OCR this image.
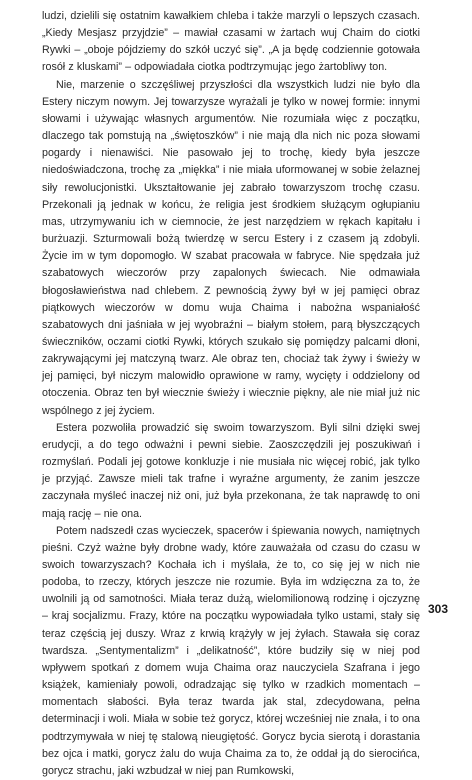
ludzi, dzielili się ostatnim kawałkiem chleba i także marzyli o lepszych czasach. „Kiedy Mesjasz przyjdzie” – mawiał czasami w żartach wuj Chaim do ciotki Rywki – „oboje pójdziemy do szkół uczyć się”. „A ja będę codziennie gotowała rosół z kluskami” – odpowiadała ciotka podtrzymując jego żartobliwy ton.

Nie, marzenie o szczęśliwej przyszłości dla wszystkich ludzi nie było dla Estery niczym nowym. Jej towarzysze wyrażali je tylko w nowej formie: innymi słowami i używając własnych argumentów. Nie rozumiała więc z początku, dlaczego tak pomstują na „świętoszków” i nie mają dla nich nic poza słowami pogardy i nienawiści. Nie pasowało jej to trochę, kiedy była jeszcze niedoświadczona, trochę za „miękka” i nie miała uformowanej w sobie żelaznej siły rewolucjonistki. Ukształtowanie jej zabrało towarzyszom trochę czasu. Przekonali ją jednak w końcu, że religia jest środkiem służącym ogłupianiu mas, utrzymywaniu ich w ciemnocie, że jest narzędziem w rękach kapitału i burżuazji. Szturmowali bożą twierdzę w sercu Estery i z czasem ją zdobyli. Życie im w tym dopomogło. W szabat pracowała w fabryce. Nie spędzała już szabatowych wieczorów przy zapalonych świecach. Nie odmawiała błogosławieństwa nad chlebem. Z pewnością żywy był w jej pamięci obraz piątkowych wieczorów w domu wuja Chaima i nabożna wspaniałość szabatowych dni jaśniała w jej wyobraźni – białym stołem, parą błyszczących świeczników, oczami ciotki Rywki, których szukało się pomiędzy palcami dłoni, zakrywającymi jej matczyną twarz. Ale obraz ten, chociaż tak żywy i świeży w jej pamięci, był niczym malowidło oprawione w ramy, wycięty i oddzielony od otoczenia. Obraz ten był wiecznie świeży i wiecznie piękny, ale nie miał już nic wspólnego z jej życiem.

Estera pozwoliła prowadzić się swoim towarzyszom. Byli silni dzięki swej erudycji, a do tego odważni i pewni siebie. Zaoszczędzili jej poszukiwań i rozmyślań. Podali jej gotowe konkluzje i nie musiała nic więcej robić, jak tylko je przyjąć. Zawsze mieli tak trafne i wyraźne argumenty, że zanim jeszcze zaczynała myśleć inaczej niż oni, już była przekonana, że tak naprawdę to oni mają rację – nie ona.

Potem nadszedł czas wycieczek, spacerów i śpiewania nowych, namiętnych pieśni. Czyż ważne były drobne wady, które zauważała od czasu do czasu w swoich towarzyszach? Kochała ich i myślała, że to, co się jej w nich nie podoba, to rzeczy, których jeszcze nie rozumie. Była im wdzięczna za to, że uwolnili ją od samotności. Miała teraz dużą, wielomilionową rodzinę i ojczyznę – kraj socjalizmu. Frazy, które na początku wypowiadała tylko ustami, stały się teraz częścią jej duszy. Wraz z krwią krążyły w jej żyłach. Stawała się coraz twardsza. „Sentymentalizm” i „delikatność”, które budziły się w niej pod wpływem spotkań z domem wuja Chaima oraz nauczyciela Szafrana i jego książek, kamieniały powoli, odradzając się tylko w rzadkich momentach – momentach słabości. Była teraz twarda jak stal, zdecydowana, pełna determinacji i woli. Miała w sobie też gorycz, której wcześniej nie znała, i to ona podtrzymywała w niej tę stalową nieugiętość. Gorycz bycia sierotą i dorastania bez ojca i matki, gorycz żalu do wuja Chaima za to, że oddał ją do sierocińca, gorycz strachu, jaki wzbudzał w niej pan Rumkowski,

303
